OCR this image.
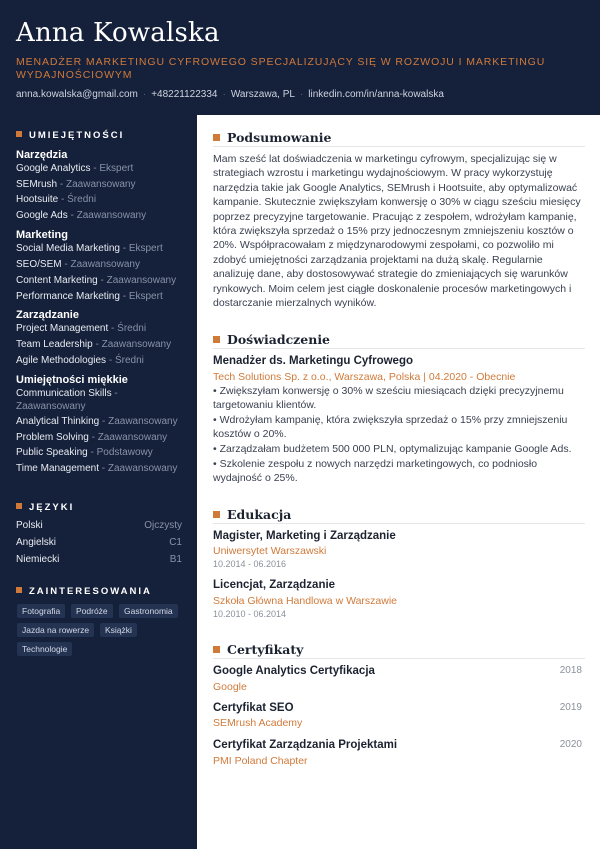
Anna Kowalska
MENADŻER MARKETINGU CYFROWEGO SPECJALIZUJĄCY SIĘ W ROZWOJU I MARKETINGU WYDAJNOŚCIOWYM
anna.kowalska@gmail.com · +48221122334 · Warszawa, PL · linkedin.com/in/anna-kowalska
UMIEJĘTNOŚCI
Narzędzia
Google Analytics - Ekspert
SEMrush - Zaawansowany
Hootsuite - Średni
Google Ads - Zaawansowany
Marketing
Social Media Marketing - Ekspert
SEO/SEM - Zaawansowany
Content Marketing - Zaawansowany
Performance Marketing - Ekspert
Zarządzanie
Project Management - Średni
Team Leadership - Zaawansowany
Agile Methodologies - Średni
Umiejętności miękkie
Communication Skills - Zaawansowany
Analytical Thinking - Zaawansowany
Problem Solving - Zaawansowany
Public Speaking - Podstawowy
Time Management - Zaawansowany
JĘZYKI
Polski	Ojczysty
Angielski	C1
Niemiecki	B1
ZAINTERESOWANIA
Fotografia	Podróże	Gastronomia
Jazda na rowerze	Książki
Technologie
Podsumowanie
Mam sześć lat doświadczenia w marketingu cyfrowym, specjalizując się w strategiach wzrostu i marketingu wydajnościowym. W pracy wykorzystuję narzędzia takie jak Google Analytics, SEMrush i Hootsuite, aby optymalizować kampanie. Skutecznie zwiększyłam konwersję o 30% w ciągu sześciu miesięcy poprzez precyzyjne targetowanie. Pracując z zespołem, wdrożyłam kampanię, która zwiększyła sprzedaż o 15% przy jednoczesnym zmniejszeniu kosztów o 20%. Współpracowałam z międzynarodowymi zespołami, co pozwoliło mi zdobyć umiejętności zarządzania projektami na dużą skalę. Regularnie analizuję dane, aby dostosowywać strategie do zmieniających się warunków rynkowych. Moim celem jest ciągłe doskonalenie procesów marketingowych i dostarczanie mierzalnych wyników.
Doświadczenie
Menadżer ds. Marketingu Cyfrowego
Tech Solutions Sp. z o.o., Warszawa, Polska | 04.2020 - Obecnie
• Zwiększyłam konwersję o 30% w sześciu miesiącach dzięki precyzyjnemu targetowaniu klientów.
• Wdrożyłam kampanię, która zwiększyła sprzedaż o 15% przy zmniejszeniu kosztów o 20%.
• Zarządzałam budżetem 500 000 PLN, optymalizując kampanie Google Ads.
• Szkolenie zespołu z nowych narzędzi marketingowych, co podniosło wydajność o 25%.
Edukacja
Magister, Marketing i Zarządzanie
Uniwersytet Warszawski
10.2014 - 06.2016
Licencjat, Zarządzanie
Szkoła Główna Handlowa w Warszawie
10.2010 - 06.2014
Certyfikaty
Google Analytics Certyfikacja	2018
Google
Certyfikat SEO	2019
SEMrush Academy
Certyfikat Zarządzania Projektami	2020
PMI Poland Chapter
